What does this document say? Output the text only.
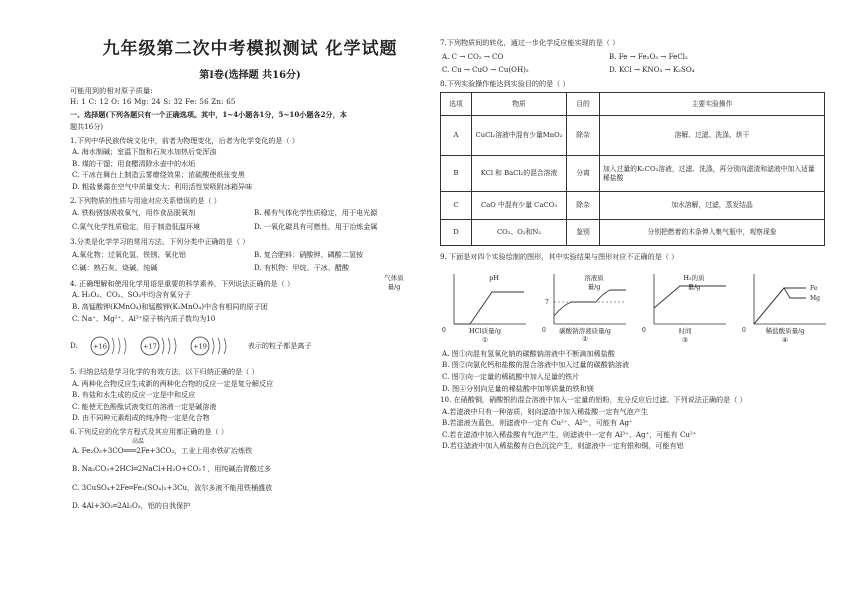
九年级第二次中考模拟测试 化学试题
第Ⅰ卷(选择题 共16分)
可能用到的相对原子质量:
H: 1 C: 12 O: 16 Mg: 24 S: 32 Fe: 56 Zn: 65
一、选择题(下列各题只有一个正确选项。其中，1~4小题各1分，5~10小题各2分，本
题共16分)
1.下列中华民族传统文化中，前者为物理变化，后者为化学变化的是（ ）
A. 海水制碱；室温下饱和石灰水加热后变浑浊
B. 煤的干馏；用食醋清除水壶中的水垢
C. 干冰在舞台上制造云雾缭绕效果；浓硫酸使纸张变黑
D. 粗盐暴露在空气中质量变大；利用活性炭吸附冰箱异味
2.下列物质的性质与用途对应关系错误的是（ ）
A. 铁粉锈蚀吸收氧气，用作食品脱氧剂	B. 稀有气体化学性质稳定，用于电光源
C.氮气化学性质稳定，用于制造低温环境	D. 一氧化碳具有可燃性，用于冶炼金属
3.分类是化学学习的常用方法。下列分类中正确的是（ ）
A.氧化物：过氧化氢、铁锈、氧化铝	B. 复合肥料：硝酸钾、磷酸二氢铵
C.碱：熟石灰、烧碱、纯碱	D. 有机物：甲烷、干冰、醋酸
4. 正确理解和使用化学用语是重要的科学素养，下列说法正确的是（ ）
A. H₂O₂、CO₂、SO₂中均含有氧分子
B. 高锰酸钾(KMnO₄)和锰酸钾(K₂MnO₄)中含有相同的原子团
C. Na⁺、Mg²⁺、Al³⁺原子核内质子数均为10
D. +16	+17	+19	表示的粒子都是离子
5. 归纳总结是学习化学的有效方法，以下归纳正确的是（ ）
A. 两种化合物反应生成新的两种化合物的反应一定是复分解反应
B. 有盐和水生成的反应一定是中和反应
C. 能使无色酚酞试液变红的溶液一定是碱溶液
D. 由不同种元素组成的纯净物一定是化合物
6.下列反应的化学方程式及其应用都正确的是（ ）
高温
A. Fe₂O₃+3CO═══2Fe+3CO₂，工业上用赤铁矿冶炼铁
B. Na₂CO₃+2HCl═2NaCl+H₂O+CO₂↑，用纯碱治胃酸过多
C. 3CuSO₄+2Fe═Fe₂(SO₄)₃+3Cu，波尔多液不能用铁桶盛放
D. 4Al+3O₂═2Al₂O₃，铝的自我保护
7.下列物质间的转化，通过一步化学反应能实现的是（ ）
A. C → CO₂ → CO	B. Fe → Fe₂O₃ → FeCl₂
C. Cu → CuO → Cu(OH)₂	D. KCl → KNO₃ → K₂SO₄
8.下列实验操作能达到实验目的的是（ ）
选项	物质	目的	主要实验操作
A	CuCl₂溶液中混有少量MnO₂	除杂	溶解、过滤、洗涤、烘干
B	KCl 和 BaCl₂的混合溶液	分离	加入过量的K₂CO₃溶液，过滤、洗涤，再分别向滤渣和滤液中加入适量稀盐酸
C	CaO 中混有少量 CaCO₃	除杂	加水溶解，过滤，蒸发结晶
D	CO₂、O₂和N₂	鉴别	分别把燃着的木条伸入集气瓶中，观察现象
9. 下面是对四个实验绘制的图形，其中实验结果与图形对应不正确的是（ ）
0
气体质量/g
HCl质量/g
①
7
0
pH
碳酸钠溶液质量/g
②
0
溶液质量/g
时间
③
Fe
Mg
0
H₂的质量/g
稀盐酸质量/g
④
A. 图①向混有氢氧化钠的碳酸钠溶液中不断滴加稀盐酸
B. 图②向氯化钙和盐酸的混合溶液中加入过量的碳酸钠溶液
C. 图③向一定量的稀硫酸中加入足量的铁片
D. 图④分别向足量的稀盐酸中加等质量的铁和镁
10. 在硝酸铜，硝酸银的混合溶液中加入一定量的铝粉，充分反应后过滤。下列说法正确的是（ ）
A.若滤液中只有一种溶质，则向滤渣中加入稀盐酸一定有气泡产生
B.若滤液为蓝色，则滤液中一定有 Cu²⁺、Al³⁺，可能有 Ag⁺
C.若在滤渣中加入稀盐酸有气泡产生，则滤液中一定有 Al³⁺、Ag⁺，可能有 Cu²⁺
D.若往滤液中加入稀盐酸有白色沉淀产生，则滤液中一定有银和铜，可能有铝
